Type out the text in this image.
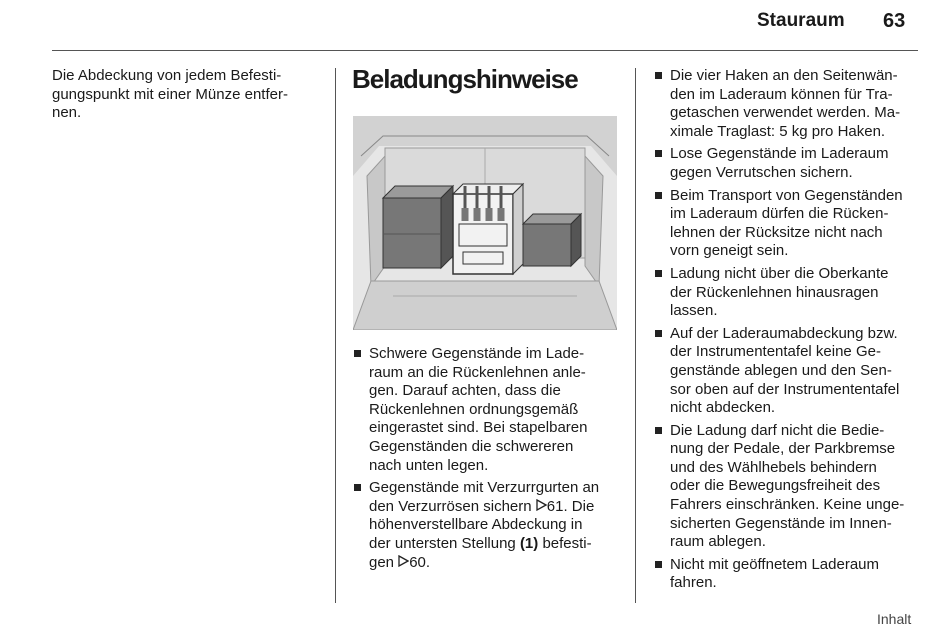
Stauraum 63

Die Abdeckung von jedem Befesti-
gungspunkt mit einer Münze entfer-
nen.

Beladungshinweise

Schwere Gegenstände im Lade-
raum an die Rückenlehnen anle-
gen. Darauf achten, dass die
Rückenlehnen ordnungsgemäß
eingerastet sind. Bei stapelbaren
Gegenständen die schwereren
nach unten legen.

Gegenstände mit Verzurrgurten an
den Verzurrösen sichern 61. Die
höhenverstellbare Abdeckung in
der untersten Stellung (1) befesti-
gen 60.

Die vier Haken an den Seitenwän-
den im Laderaum können für Tra-
getaschen verwendet werden. Ma-
ximale Traglast: 5 kg pro Haken.

Lose Gegenstände im Laderaum
gegen Verrutschen sichern.

Beim Transport von Gegenständen
im Laderaum dürfen die Rücken-
lehnen der Rücksitze nicht nach
vorn geneigt sein.

Ladung nicht über die Oberkante
der Rückenlehnen hinausragen
lassen.

Auf der Laderaumabdeckung bzw.
der Instrumententafel keine Ge-
genstände ablegen und den Sen-
sor oben auf der Instrumententafel
nicht abdecken.

Die Ladung darf nicht die Bedie-
nung der Pedale, der Parkbremse
und des Wählhebels behindern
oder die Bewegungsfreiheit des
Fahrers einschränken. Keine unge-
sicherten Gegenstände im Innen-
raum ablegen.

Nicht mit geöffnetem Laderaum
fahren.

Inhalt
